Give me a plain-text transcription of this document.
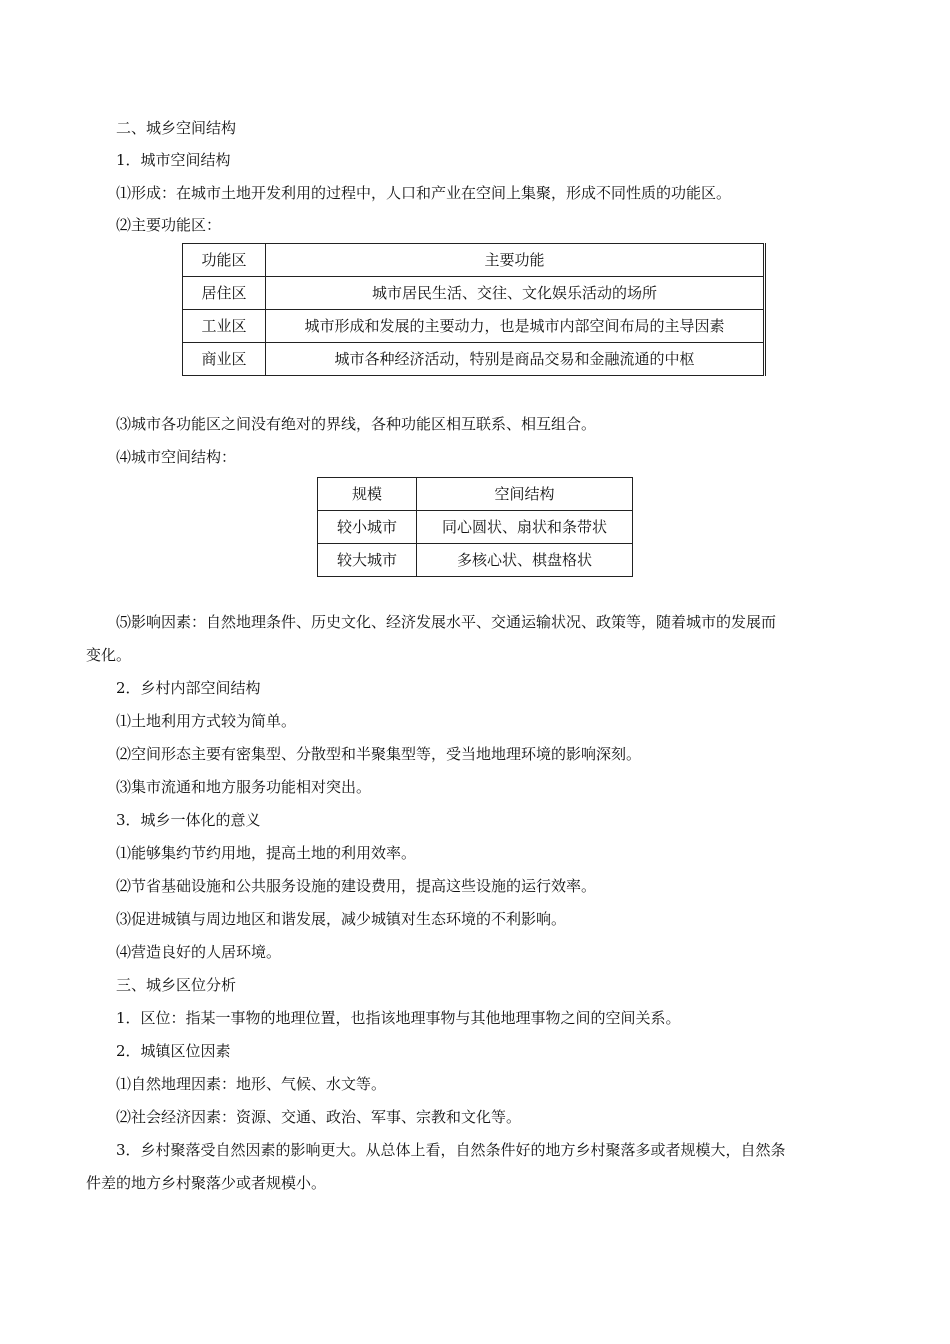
二、城乡空间结构
1．城市空间结构
⑴形成：在城市土地开发利用的过程中，人口和产业在空间上集聚，形成不同性质的功能区。
⑵主要功能区：
功能区	主要功能
居住区	城市居民生活、交往、文化娱乐活动的场所
工业区	城市形成和发展的主要动力，也是城市内部空间布局的主导因素
商业区	城市各种经济活动，特别是商品交易和金融流通的中枢
⑶城市各功能区之间没有绝对的界线，各种功能区相互联系、相互组合。
⑷城市空间结构：
规模	空间结构
较小城市	同心圆状、扇状和条带状
较大城市	多核心状、棋盘格状
⑸影响因素：自然地理条件、历史文化、经济发展水平、交通运输状况、政策等，随着城市的发展而
变化。
2．乡村内部空间结构
⑴土地利用方式较为简单。
⑵空间形态主要有密集型、分散型和半聚集型等，受当地地理环境的影响深刻。
⑶集市流通和地方服务功能相对突出。
3．城乡一体化的意义
⑴能够集约节约用地，提高土地的利用效率。
⑵节省基础设施和公共服务设施的建设费用，提高这些设施的运行效率。
⑶促进城镇与周边地区和谐发展，减少城镇对生态环境的不利影响。
⑷营造良好的人居环境。
三、城乡区位分析
1．区位：指某一事物的地理位置，也指该地理事物与其他地理事物之间的空间关系。
2．城镇区位因素
⑴自然地理因素：地形、气候、水文等。
⑵社会经济因素：资源、交通、政治、军事、宗教和文化等。
3．乡村聚落受自然因素的影响更大。从总体上看，自然条件好的地方乡村聚落多或者规模大，自然条
件差的地方乡村聚落少或者规模小。
